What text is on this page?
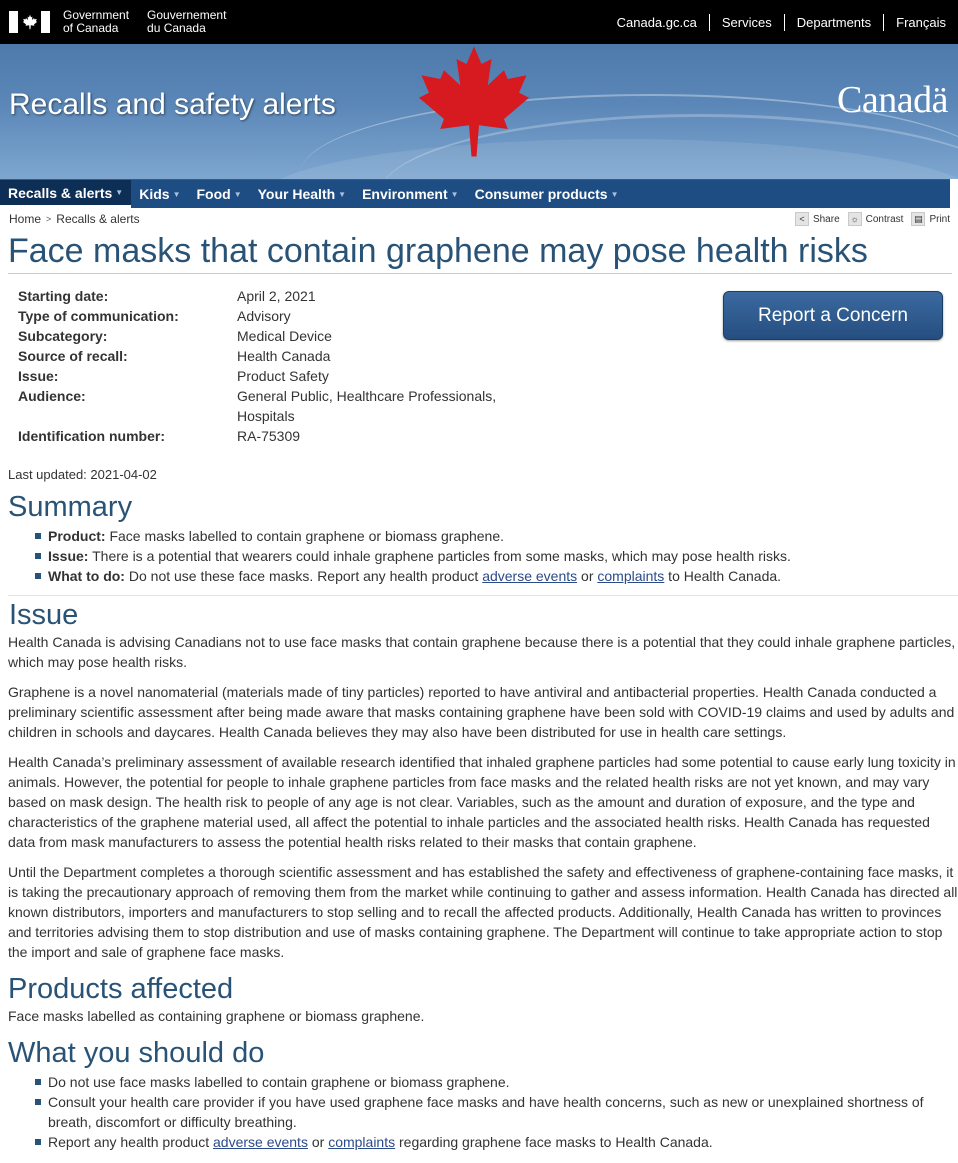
Government
of Canada
Gouvernement
du Canada	Canada.gc.ca	Services	Departments	Français
Recalls and safety alerts	Canadä
Recalls & alerts ▼ Kids ▼ Food ▼ Your Health ▼ Environment ▼ Consumer products ▼
Home > Recalls & alerts	< Share	☼ Contrast	▤ Print
Face masks that contain graphene may pose health risks
Starting date:	April 2, 2021
Type of communication:	Advisory
Subcategory:	Medical Device
Source of recall:	Health Canada
Issue:	Product Safety
Audience:	General Public, Healthcare Professionals, Hospitals
Identification number:	RA-75309
Report a Concern
Last updated: 2021-04-02
Summary
Product: Face masks labelled to contain graphene or biomass graphene.
Issue: There is a potential that wearers could inhale graphene particles from some masks, which may pose health risks.
What to do: Do not use these face masks. Report any health product adverse events or complaints to Health Canada.
Issue

Health Canada is advising Canadians not to use face masks that contain graphene because there is a potential that they could inhale graphene particles, which may pose health risks.

Graphene is a novel nanomaterial (materials made of tiny particles) reported to have antiviral and antibacterial properties. Health Canada conducted a preliminary scientific assessment after being made aware that masks containing graphene have been sold with COVID-19 claims and used by adults and children in schools and daycares. Health Canada believes they may also have been distributed for use in health care settings.

Health Canada’s preliminary assessment of available research identified that inhaled graphene particles had some potential to cause early lung toxicity in animals. However, the potential for people to inhale graphene particles from face masks and the related health risks are not yet known, and may vary based on mask design. The health risk to people of any age is not clear. Variables, such as the amount and duration of exposure, and the type and characteristics of the graphene material used, all affect the potential to inhale particles and the associated health risks. Health Canada has requested data from mask manufacturers to assess the potential health risks related to their masks that contain graphene.

Until the Department completes a thorough scientific assessment and has established the safety and effectiveness of graphene-containing face masks, it is taking the precautionary approach of removing them from the market while continuing to gather and assess information. Health Canada has directed all known distributors, importers and manufacturers to stop selling and to recall the affected products. Additionally, Health Canada has written to provinces and territories advising them to stop distribution and use of masks containing graphene. The Department will continue to take appropriate action to stop the import and sale of graphene face masks.

Products affected

Face masks labelled as containing graphene or biomass graphene.

What you should do
Do not use face masks labelled to contain graphene or biomass graphene.
Consult your health care provider if you have used graphene face masks and have health concerns, such as new or unexplained shortness of breath, discomfort or difficulty breathing.
Report any health product adverse events or complaints regarding graphene face masks to Health Canada.
